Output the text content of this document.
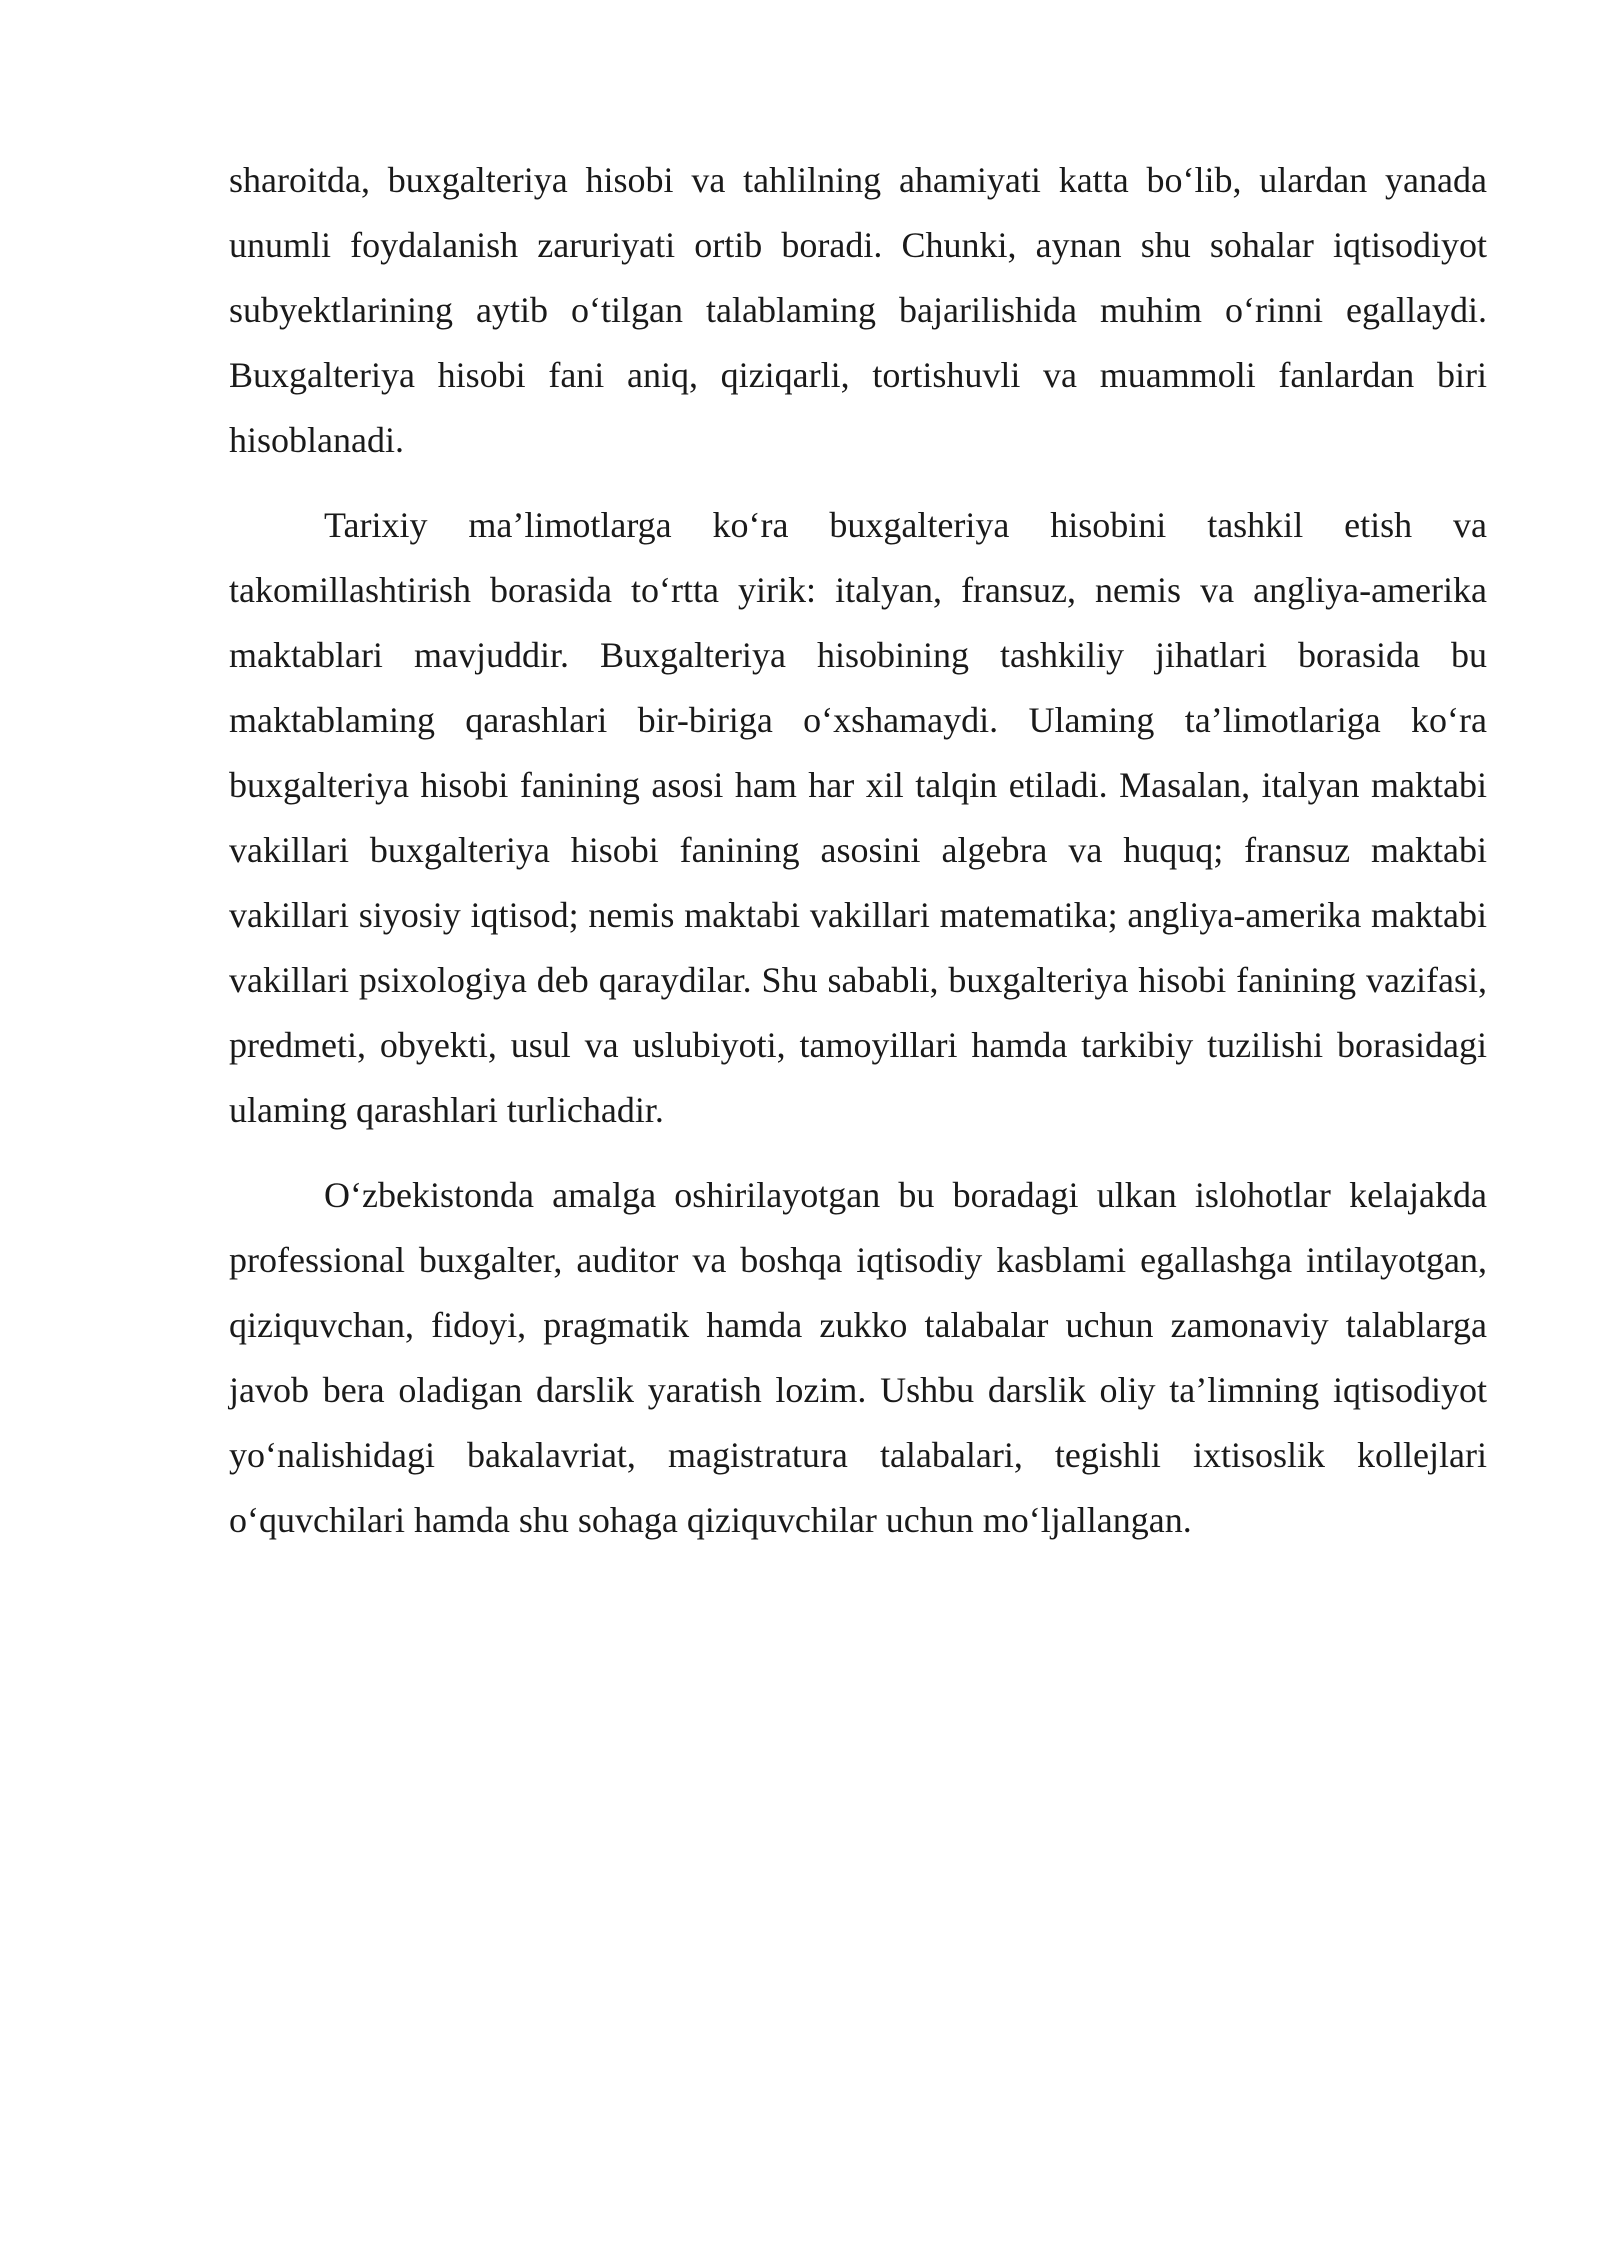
sharoitda, buxgalteriya hisobi va tahlilning ahamiyati katta bo‘lib, ulardan yanada unumli foydalanish zaruriyati ortib boradi. Chunki, aynan shu sohalar iqtisodiyot subyektlarining aytib o‘tilgan talablaming bajarilishida muhim o‘rinni egallaydi. Buxgalteriya hisobi fani aniq, qiziqarli, tortishuvli va muammoli fanlardan biri hisoblanadi.

Tarixiy ma’limotlarga ko‘ra buxgalteriya hisobini tashkil etish va takomillashtirish borasida to‘rtta yirik: italyan, fransuz, nemis va angliya-amerika maktablari mavjuddir. Buxgalteriya hisobining tashkiliy jihatlari borasida bu maktablaming qarashlari bir-biriga o‘xshamaydi. Ulaming ta’limotlariga ko‘ra buxgalteriya hisobi fanining asosi ham har xil talqin etiladi. Masalan, italyan maktabi vakillari buxgalteriya hisobi fanining asosini algebra va huquq; fransuz maktabi vakillari siyosiy iqtisod; nemis maktabi vakillari matematika; angliya-amerika maktabi vakillari psixologiya deb qaraydilar. Shu sababli, buxgalteriya hisobi fanining vazifasi, predmeti, obyekti, usul va uslubiyoti, tamoyillari hamda tarkibiy tuzilishi borasidagi ulaming qarashlari turlichadir.

O‘zbekistonda amalga oshirilayotgan bu boradagi ulkan islohotlar kelajakda professional buxgalter, auditor va boshqa iqtisodiy kasblami egallashga intilayotgan, qiziquvchan, fidoyi, pragmatik hamda zukko talabalar uchun zamonaviy talablarga javob bera oladigan darslik yaratish lozim. Ushbu darslik oliy ta’limning iqtisodiyot yo‘nalishidagi bakalavriat, magistratura talabalari, tegishli ixtisoslik kollejlari o‘quvchilari hamda shu sohaga qiziquvchilar uchun mo‘ljallangan.
